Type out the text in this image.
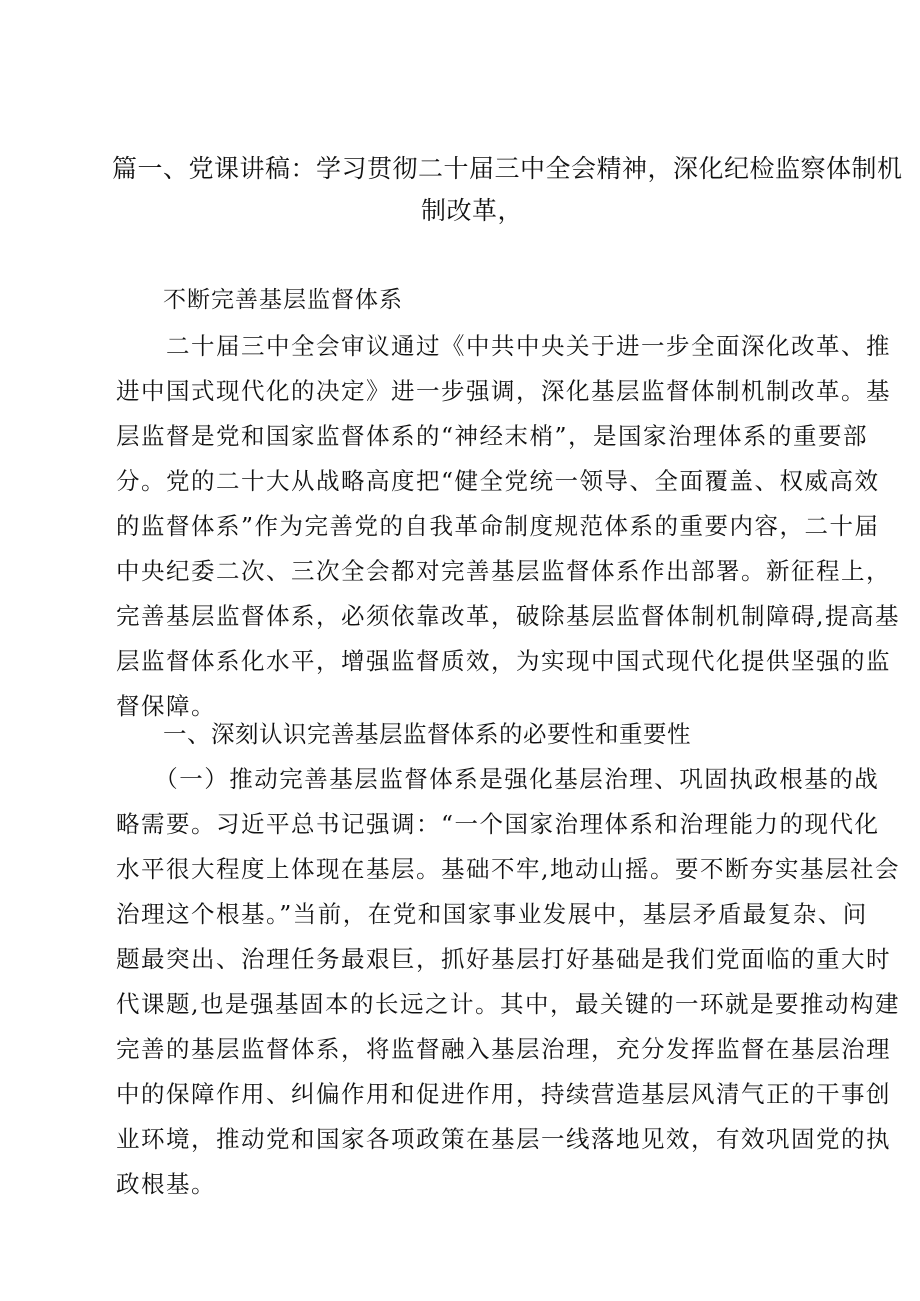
篇一、党课讲稿：学习贯彻二十届三中全会精神，深化纪检监察体制机
制改革，
不断完善基层监督体系
　　二十届三中全会审议通过《中共中央关于进一步全面深化改革、推
进中国式现代化的决定》进一步强调，深化基层监督体制机制改革。基
层监督是党和国家监督体系的“神经末梢”，是国家治理体系的重要部
分。党的二十大从战略高度把“健全党统一领导、全面覆盖、权威高效
的监督体系”作为完善党的自我革命制度规范体系的重要内容，二十届
中央纪委二次、三次全会都对完善基层监督体系作出部署。新征程上，
完善基层监督体系，必须依靠改革，破除基层监督体制机制障碍,提高基
层监督体系化水平，增强监督质效，为实现中国式现代化提供坚强的监
督保障。
一、深刻认识完善基层监督体系的必要性和重要性
　　（一）推动完善基层监督体系是强化基层治理、巩固执政根基的战
略需要。习近平总书记强调：“一个国家治理体系和治理能力的现代化
水平很大程度上体现在基层。基础不牢,地动山摇。要不断夯实基层社会
治理这个根基。”当前，在党和国家事业发展中，基层矛盾最复杂、问
题最突出、治理任务最艰巨，抓好基层打好基础是我们党面临的重大时
代课题,也是强基固本的长远之计。其中，最关键的一环就是要推动构建
完善的基层监督体系，将监督融入基层治理，充分发挥监督在基层治理
中的保障作用、纠偏作用和促进作用，持续营造基层风清气正的干事创
业环境，推动党和国家各项政策在基层一线落地见效，有效巩固党的执
政根基。
